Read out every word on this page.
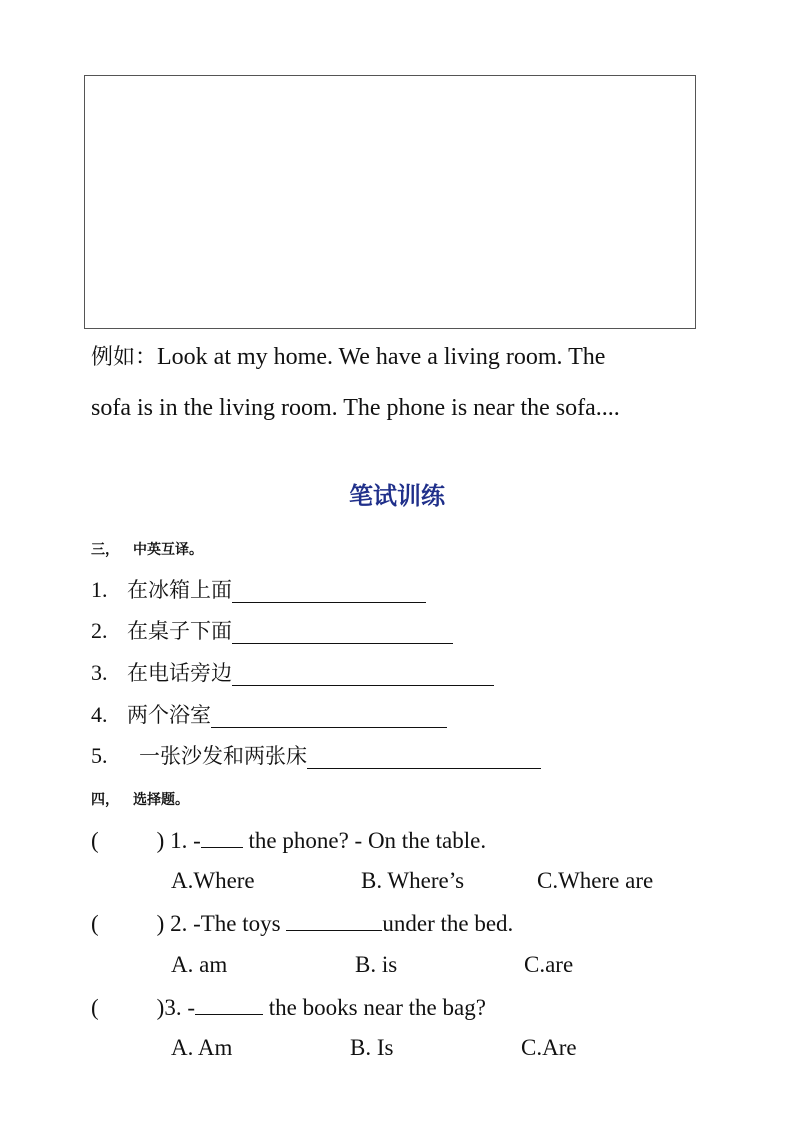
例如：Look at my home. We have a living room. The
sofa is in the living room. The phone is near the sofa....
笔试训练
三， 中英互译。
1. 在冰箱上面
2. 在桌子下面
3. 在电话旁边
4. 两个浴室
5.	一张沙发和两张床
四， 选择题。
(	) 1. - the phone? - On the table.
A.Where	B. Where’s	C.Where are
(	) 2. -The toys	under the bed.
A. am	B. is	C.are
(	)3. -	the books near the bag?
A. Am	B. Is	C.Are
